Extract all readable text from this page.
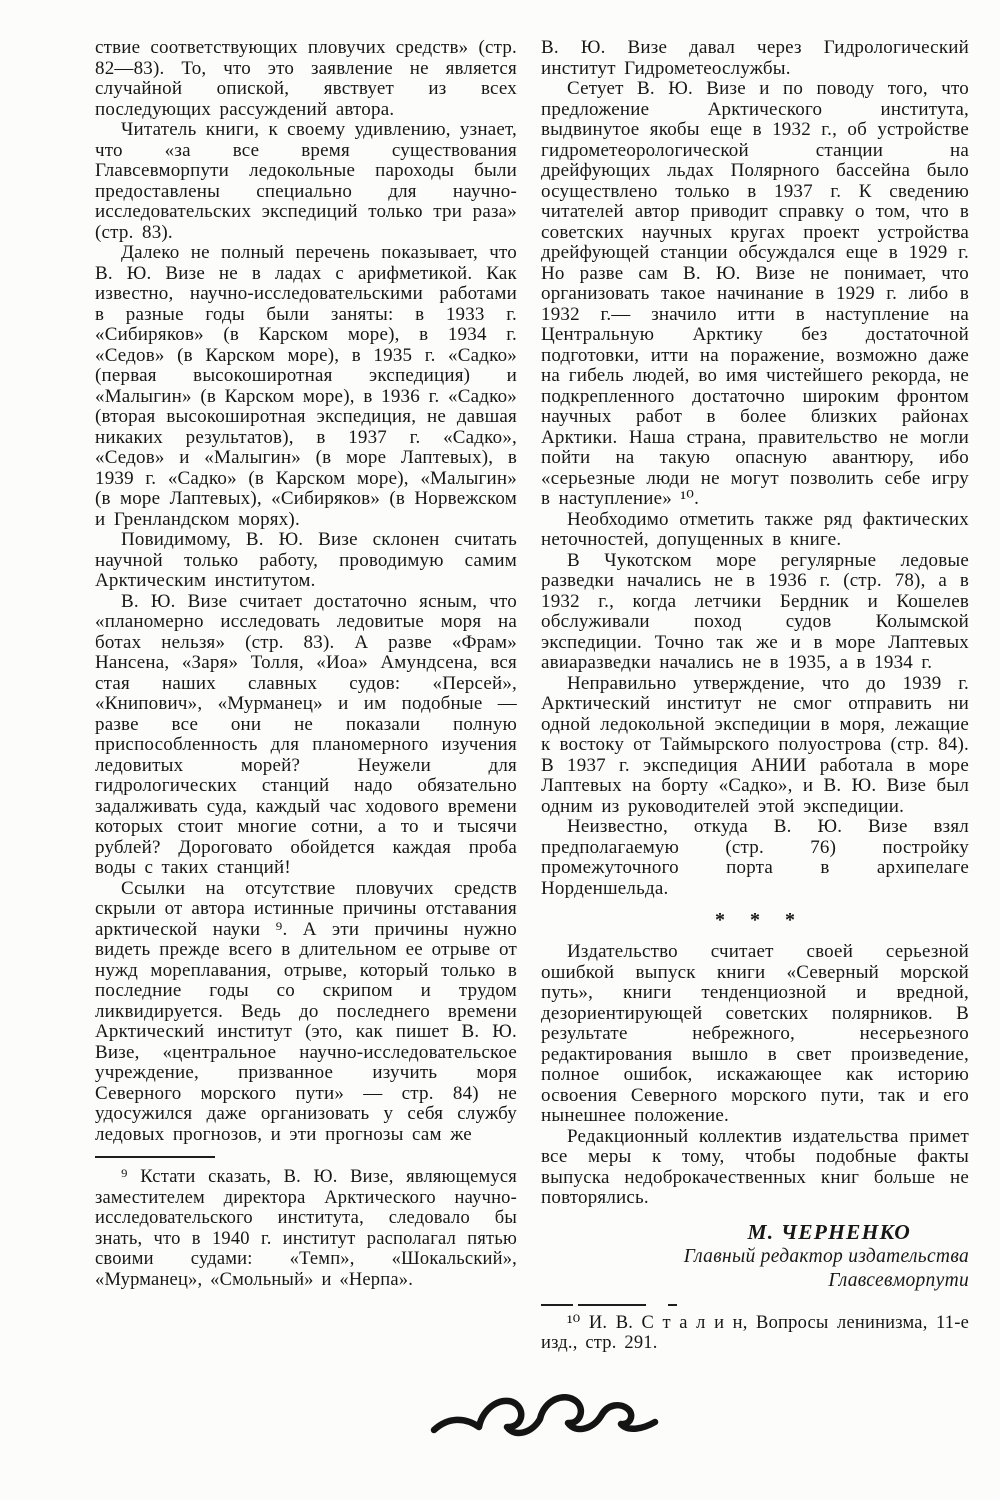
ствие соответствующих пловучих средств» (стр. 82—83). То, что это заявление не является случайной опиской, явствует из всех последующих рассуждений автора.

Читатель книги, к своему удивлению, узнает, что «за все время существования Главсевморпути ледокольные пароходы были предоставлены специально для научно-исследовательских экспедиций только три раза» (стр. 83).

Далеко не полный перечень показывает, что В. Ю. Визе не в ладах с арифметикой. Как известно, научно-исследовательскими работами в разные годы были заняты: в 1933 г. «Сибиряков» (в Карском море), в 1934 г. «Седов» (в Карском море), в 1935 г. «Садко» (первая высокоширотная экспедиция) и «Малыгин» (в Карском море), в 1936 г. «Садко» (вторая высокоширотная экспедиция, не давшая никаких результатов), в 1937 г. «Садко», «Седов» и «Малыгин» (в море Лаптевых), в 1939 г. «Садко» (в Карском море), «Малыгин» (в море Лаптевых), «Сибиряков» (в Норвежском и Гренландском морях).

Повидимому, В. Ю. Визе склонен считать научной только работу, проводимую самим Арктическим институтом.

В. Ю. Визе считает достаточно ясным, что «планомерно исследовать ледовитые моря на ботах нельзя» (стр. 83). А разве «Фрам» Нансена, «Заря» Толля, «Иоа» Амундсена, вся стая наших славных судов: «Персей», «Книпович», «Мурманец» и им подобные — разве все они не показали полную приспособленность для планомерного изучения ледовитых морей? Неужели для гидрологических станций надо обязательно задалживать суда, каждый час ходового времени которых стоит многие сотни, а то и тысячи рублей? Дороговато обойдется каждая проба воды с таких станций!

Ссылки на отсутствие пловучих средств скрыли от автора истинные причины отставания арктической науки ⁹. А эти причины нужно видеть прежде всего в длительном ее отрыве от нужд мореплавания, отрыве, который только в последние годы со скрипом и трудом ликвидируется. Ведь до последнего времени Арктический институт (это, как пишет В. Ю. Визе, «центральное научно-исследовательское учреждение, призванное изучить моря Северного морского пути» — стр. 84) не удосужился даже организовать у себя службу ледовых прогнозов, и эти прогнозы сам же

⁹ Кстати сказать, В. Ю. Визе, являющемуся заместителем директора Арктического научно-исследовательского института, следовало бы знать, что в 1940 г. институт располагал пятью своими судами: «Темп», «Шокальский», «Мурманец», «Смольный» и «Нерпа».

В. Ю. Визе давал через Гидрологический институт Гидрометеослужбы.

Сетует В. Ю. Визе и по поводу того, что предложение Арктического института, выдвинутое якобы еще в 1932 г., об устройстве гидрометеорологической станции на дрейфующих льдах Полярного бассейна было осуществлено только в 1937 г. К сведению читателей автор приводит справку о том, что в советских научных кругах проект устройства дрейфующей станции обсуждался еще в 1929 г. Но разве сам В. Ю. Визе не понимает, что организовать такое начинание в 1929 г. либо в 1932 г.— значило итти в наступление на Центральную Арктику без достаточной подготовки, итти на поражение, возможно даже на гибель людей, во имя чистейшего рекорда, не подкрепленного достаточно широким фронтом научных работ в более близких районах Арктики. Наша страна, правительство не могли пойти на такую опасную авантюру, ибо «серьезные люди не могут позволить себе игру в наступление» ¹⁰.

Необходимо отметить также ряд фактических неточностей, допущенных в книге.

В Чукотском море регулярные ледовые разведки начались не в 1936 г. (стр. 78), а в 1932 г., когда летчики Бердник и Кошелев обслуживали поход судов Колымской экспедиции. Точно так же и в море Лаптевых авиаразведки начались не в 1935, а в 1934 г.

Неправильно утверждение, что до 1939 г. Арктический институт не смог отправить ни одной ледокольной экспедиции в моря, лежащие к востоку от Таймырского полуострова (стр. 84). В 1937 г. экспедиция АНИИ работала в море Лаптевых на борту «Садко», и В. Ю. Визе был одним из руководителей этой экспедиции.

Неизвестно, откуда В. Ю. Визе взял предполагаемую (стр. 76) постройку промежуточного порта в архипелаге Норденшельда.

* * *

Издательство считает своей серьезной ошибкой выпуск книги «Северный морской путь», книги тенденциозной и вредной, дезориентирующей советских полярников. В результате небрежного, несерьезного редактирования вышло в свет произведение, полное ошибок, искажающее как историю освоения Северного морского пути, так и его нынешнее положение.

Редакционный коллектив издательства примет все меры к тому, чтобы подобные факты выпуска недоброкачественных книг больше не повторялись.

М. ЧЕРНЕНКО

Главный редактор издательства

Главсевморпути

¹⁰ И. В. С т а л и н, Вопросы ленинизма, 11-е изд., стр. 291.
